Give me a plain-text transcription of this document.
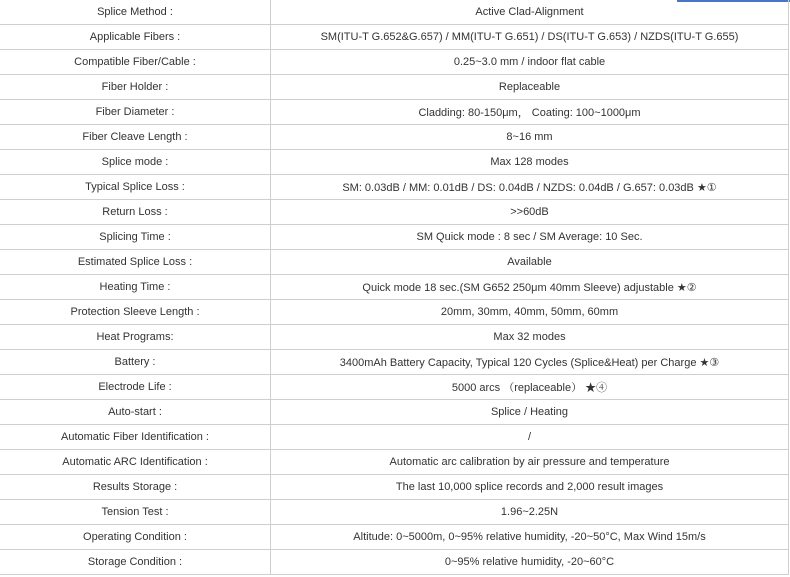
Splice Method :	Active Clad-Alignment
Applicable Fibers :	SM(ITU-T G.652&G.657) / MM(ITU-T G.651) / DS(ITU-T G.653) / NZDS(ITU-T G.655)
Compatible Fiber/Cable :	0.25~3.0 mm / indoor flat cable
Fiber Holder :	Replaceable
Fiber Diameter :	Cladding: 80-150μm， Coating: 100~1000μm
Fiber Cleave Length :	8~16 mm
Splice mode :	Max 128 modes
Typical Splice Loss :	SM: 0.03dB / MM: 0.01dB / DS: 0.04dB / NZDS: 0.04dB / G.657: 0.03dB ★①
Return Loss :	>>60dB
Splicing Time :	SM Quick mode : 8 sec / SM Average: 10 Sec.
Estimated Splice Loss :	Available
Heating Time :	Quick mode 18 sec.(SM G652 250μm 40mm Sleeve) adjustable ★②
Protection Sleeve Length :	20mm, 30mm, 40mm, 50mm, 60mm
Heat Programs:	Max 32 modes
Battery :	3400mAh Battery Capacity, Typical 120 Cycles (Splice&Heat) per Charge ★③
Electrode Life :	5000 arcs （replaceable） ★④
Auto-start :	Splice / Heating
Automatic Fiber Identification :	/
Automatic ARC Identification :	Automatic arc calibration by air pressure and temperature
Results Storage :	The last 10,000 splice records and 2,000 result images
Tension Test :	1.96~2.25N
Operating Condition :	Altitude: 0~5000m, 0~95% relative humidity, -20~50°C, Max Wind 15m/s
Storage Condition :	0~95% relative humidity, -20~60°C
